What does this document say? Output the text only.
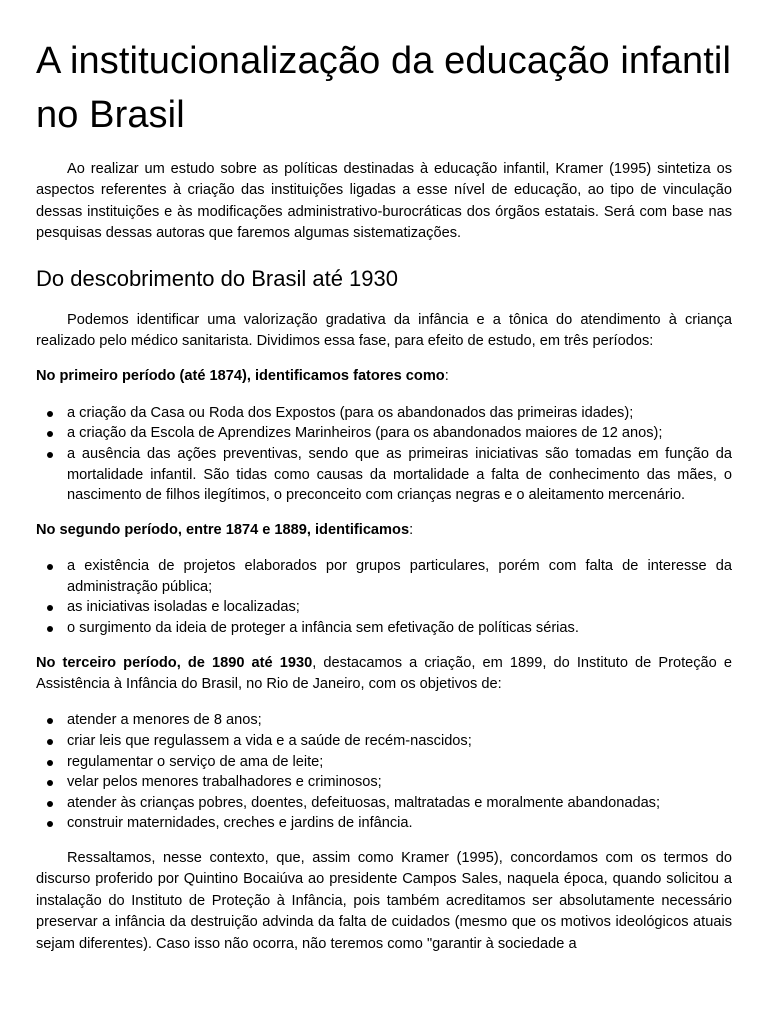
A institucionalização da educação infantil no Brasil

Ao realizar um estudo sobre as políticas destinadas à educação infantil, Kramer (1995) sintetiza os aspectos referentes à criação das instituições ligadas a esse nível de educação, ao tipo de vinculação dessas instituições e às modificações administrativo-burocráticas dos órgãos estatais. Será com base nas pesquisas dessas autoras que faremos algumas sistematizações.

Do descobrimento do Brasil até 1930

Podemos identificar uma valorização gradativa da infância e a tônica do atendimento à criança realizado pelo médico sanitarista. Dividimos essa fase, para efeito de estudo, em três períodos:

No primeiro período (até 1874), identificamos fatores como:

a criação da Casa ou Roda dos Expostos (para os abandonados das primeiras idades);
a criação da Escola de Aprendizes Marinheiros (para os abandonados maiores de 12 anos);
a ausência das ações preventivas, sendo que as primeiras iniciativas são tomadas em função da mortalidade infantil. São tidas como causas da mortalidade a falta de conhecimento das mães, o nascimento de filhos ilegítimos, o preconceito com crianças negras e o aleitamento mercenário.

No segundo período, entre 1874 e 1889, identificamos:

a existência de projetos elaborados por grupos particulares, porém com falta de interesse da administração pública;
as iniciativas isoladas e localizadas;
o surgimento da ideia de proteger a infância sem efetivação de políticas sérias.

No terceiro período, de 1890 até 1930, destacamos a criação, em 1899, do Instituto de Proteção e Assistência à Infância do Brasil, no Rio de Janeiro, com os objetivos de:

atender a menores de 8 anos;
criar leis que regulassem a vida e a saúde de recém-nascidos;
regulamentar o serviço de ama de leite;
velar pelos menores trabalhadores e criminosos;
atender às crianças pobres, doentes, defeituosas, maltratadas e moralmente abandonadas;
construir maternidades, creches e jardins de infância.

Ressaltamos, nesse contexto, que, assim como Kramer (1995), concordamos com os termos do discurso proferido por Quintino Bocaiúva ao presidente Campos Sales, naquela época, quando solicitou a instalação do Instituto de Proteção à Infância, pois também acreditamos ser absolutamente necessário preservar a infância da destruição advinda da falta de cuidados (mesmo que os motivos ideológicos atuais sejam diferentes). Caso isso não ocorra, não teremos como "garantir à sociedade a
